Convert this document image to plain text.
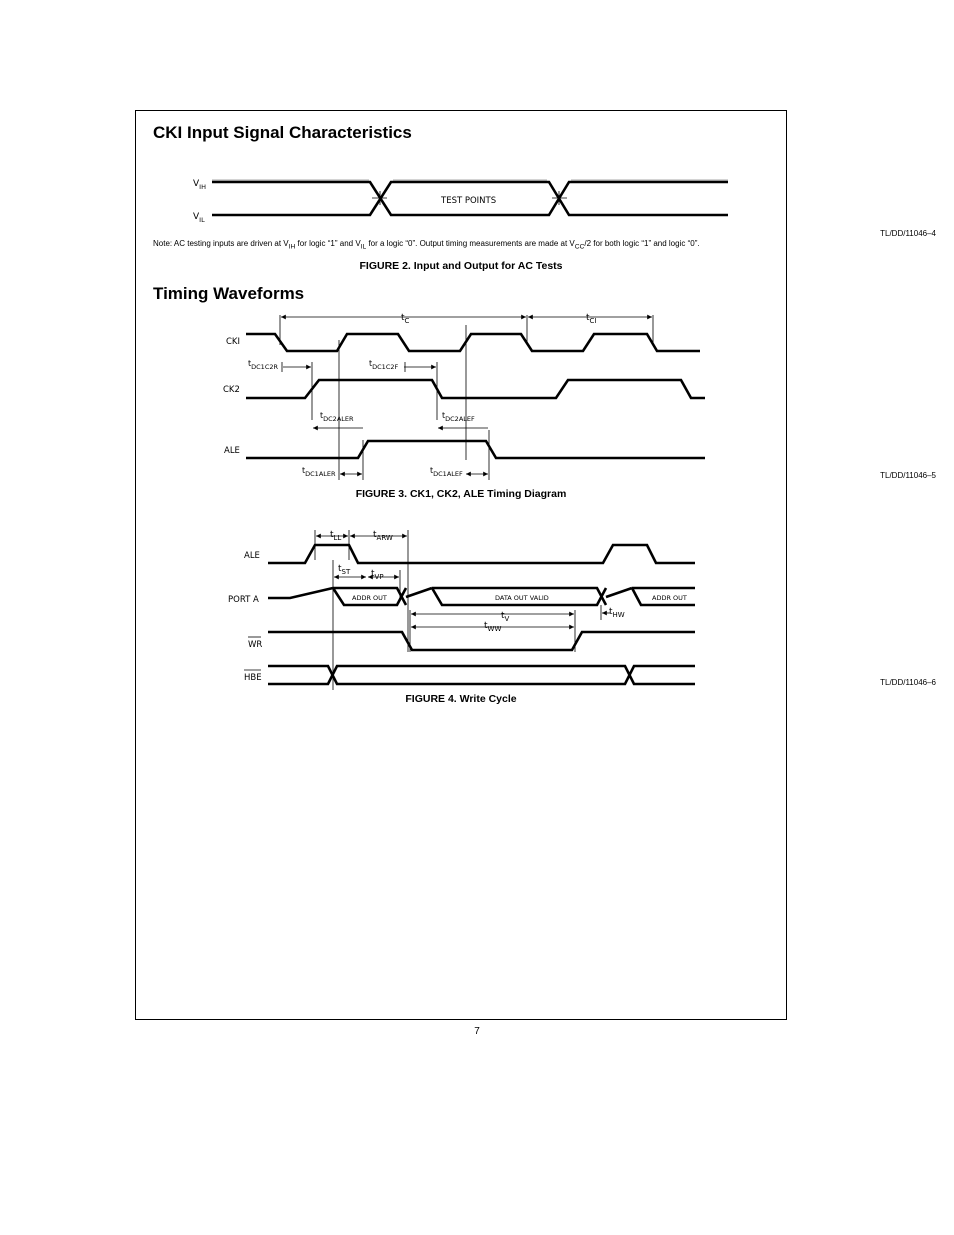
CKI Input Signal Characteristics
$V_{IH}$
$V_{IL}$
TEST POINTS
TL/DD/11046–4
Note: AC testing inputs are driven at $V_{IH}$ for logic “1” and $V_{IL}$ for a logic “0”. Output timing measurements are made at $V_{CC}/2$ for both logic “1” and logic “0”.
FIGURE 2. Input and Output for AC Tests
Timing Waveforms
CKI
CK2
ALE
$t_C$	$t_{CI}$
$t_{DC1C2R}$	$t_{DC1C2F}$
$t_{DC2ALER}$	$t_{DC2ALEF}$
$t_{DC1ALER}$	$t_{DC1ALEF}$	TL/DD/11046–5
FIGURE 3. CK1, CK2, ALE Timing Diagram
ALE
PORT A
WR
HBE
ADDR OUT	DATA OUT VALID	ADDR OUT
$t_{LL}$	$t_{ARW}$
$t_{ST}$ $t_{VP}$
$t_{HW}$
$t_V$
$t_{WW}$
TL/DD/11046–6
FIGURE 4. Write Cycle
7
